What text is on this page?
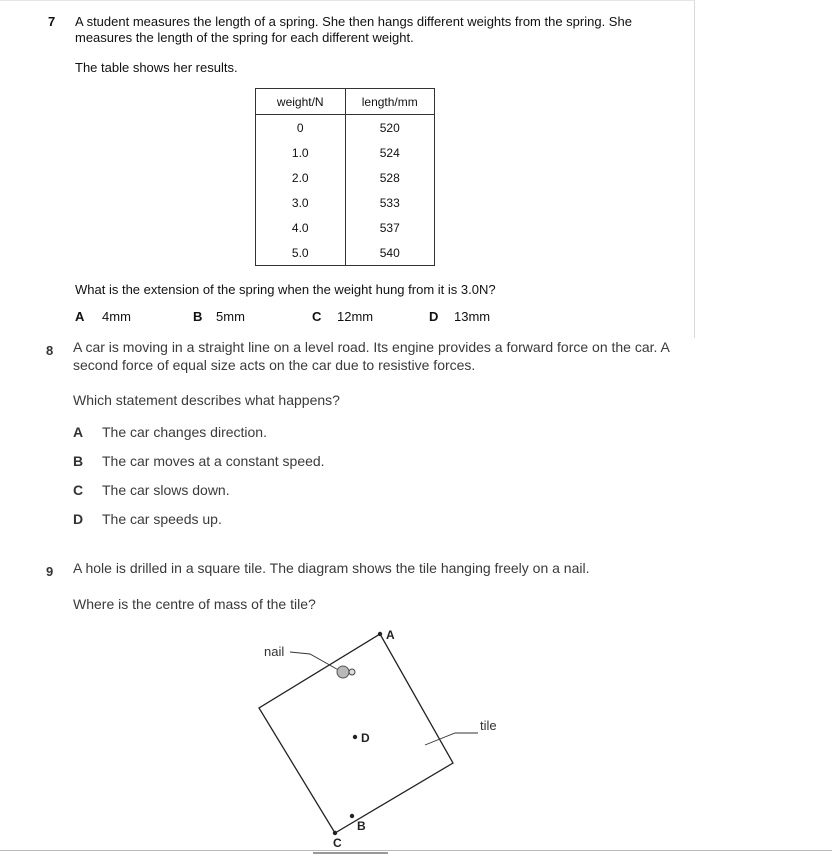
7 A student measures the length of a spring. She then hangs different weights from the spring. She
measures the length of the spring for each different weight.
The table shows her results.
weight/N	length/mm
0	520
1.0	524
2.0	528
3.0	533
4.0	537
5.0	540
What is the extension of the spring when the weight hung from it is 3.0N?
A 4mm	B 5mm	C 12mm	D 13mm
8 A car is moving in a straight line on a level road. Its engine provides a forward force on the car. A
second force of equal size acts on the car due to resistive forces.
Which statement describes what happens?
A The car changes direction.
B The car moves at a constant speed.
C The car slows down.
D The car speeds up.
9 A hole is drilled in a square tile. The diagram shows the tile hanging freely on a nail.
Where is the centre of mass of the tile?
nail
tile
A
D
B
C
